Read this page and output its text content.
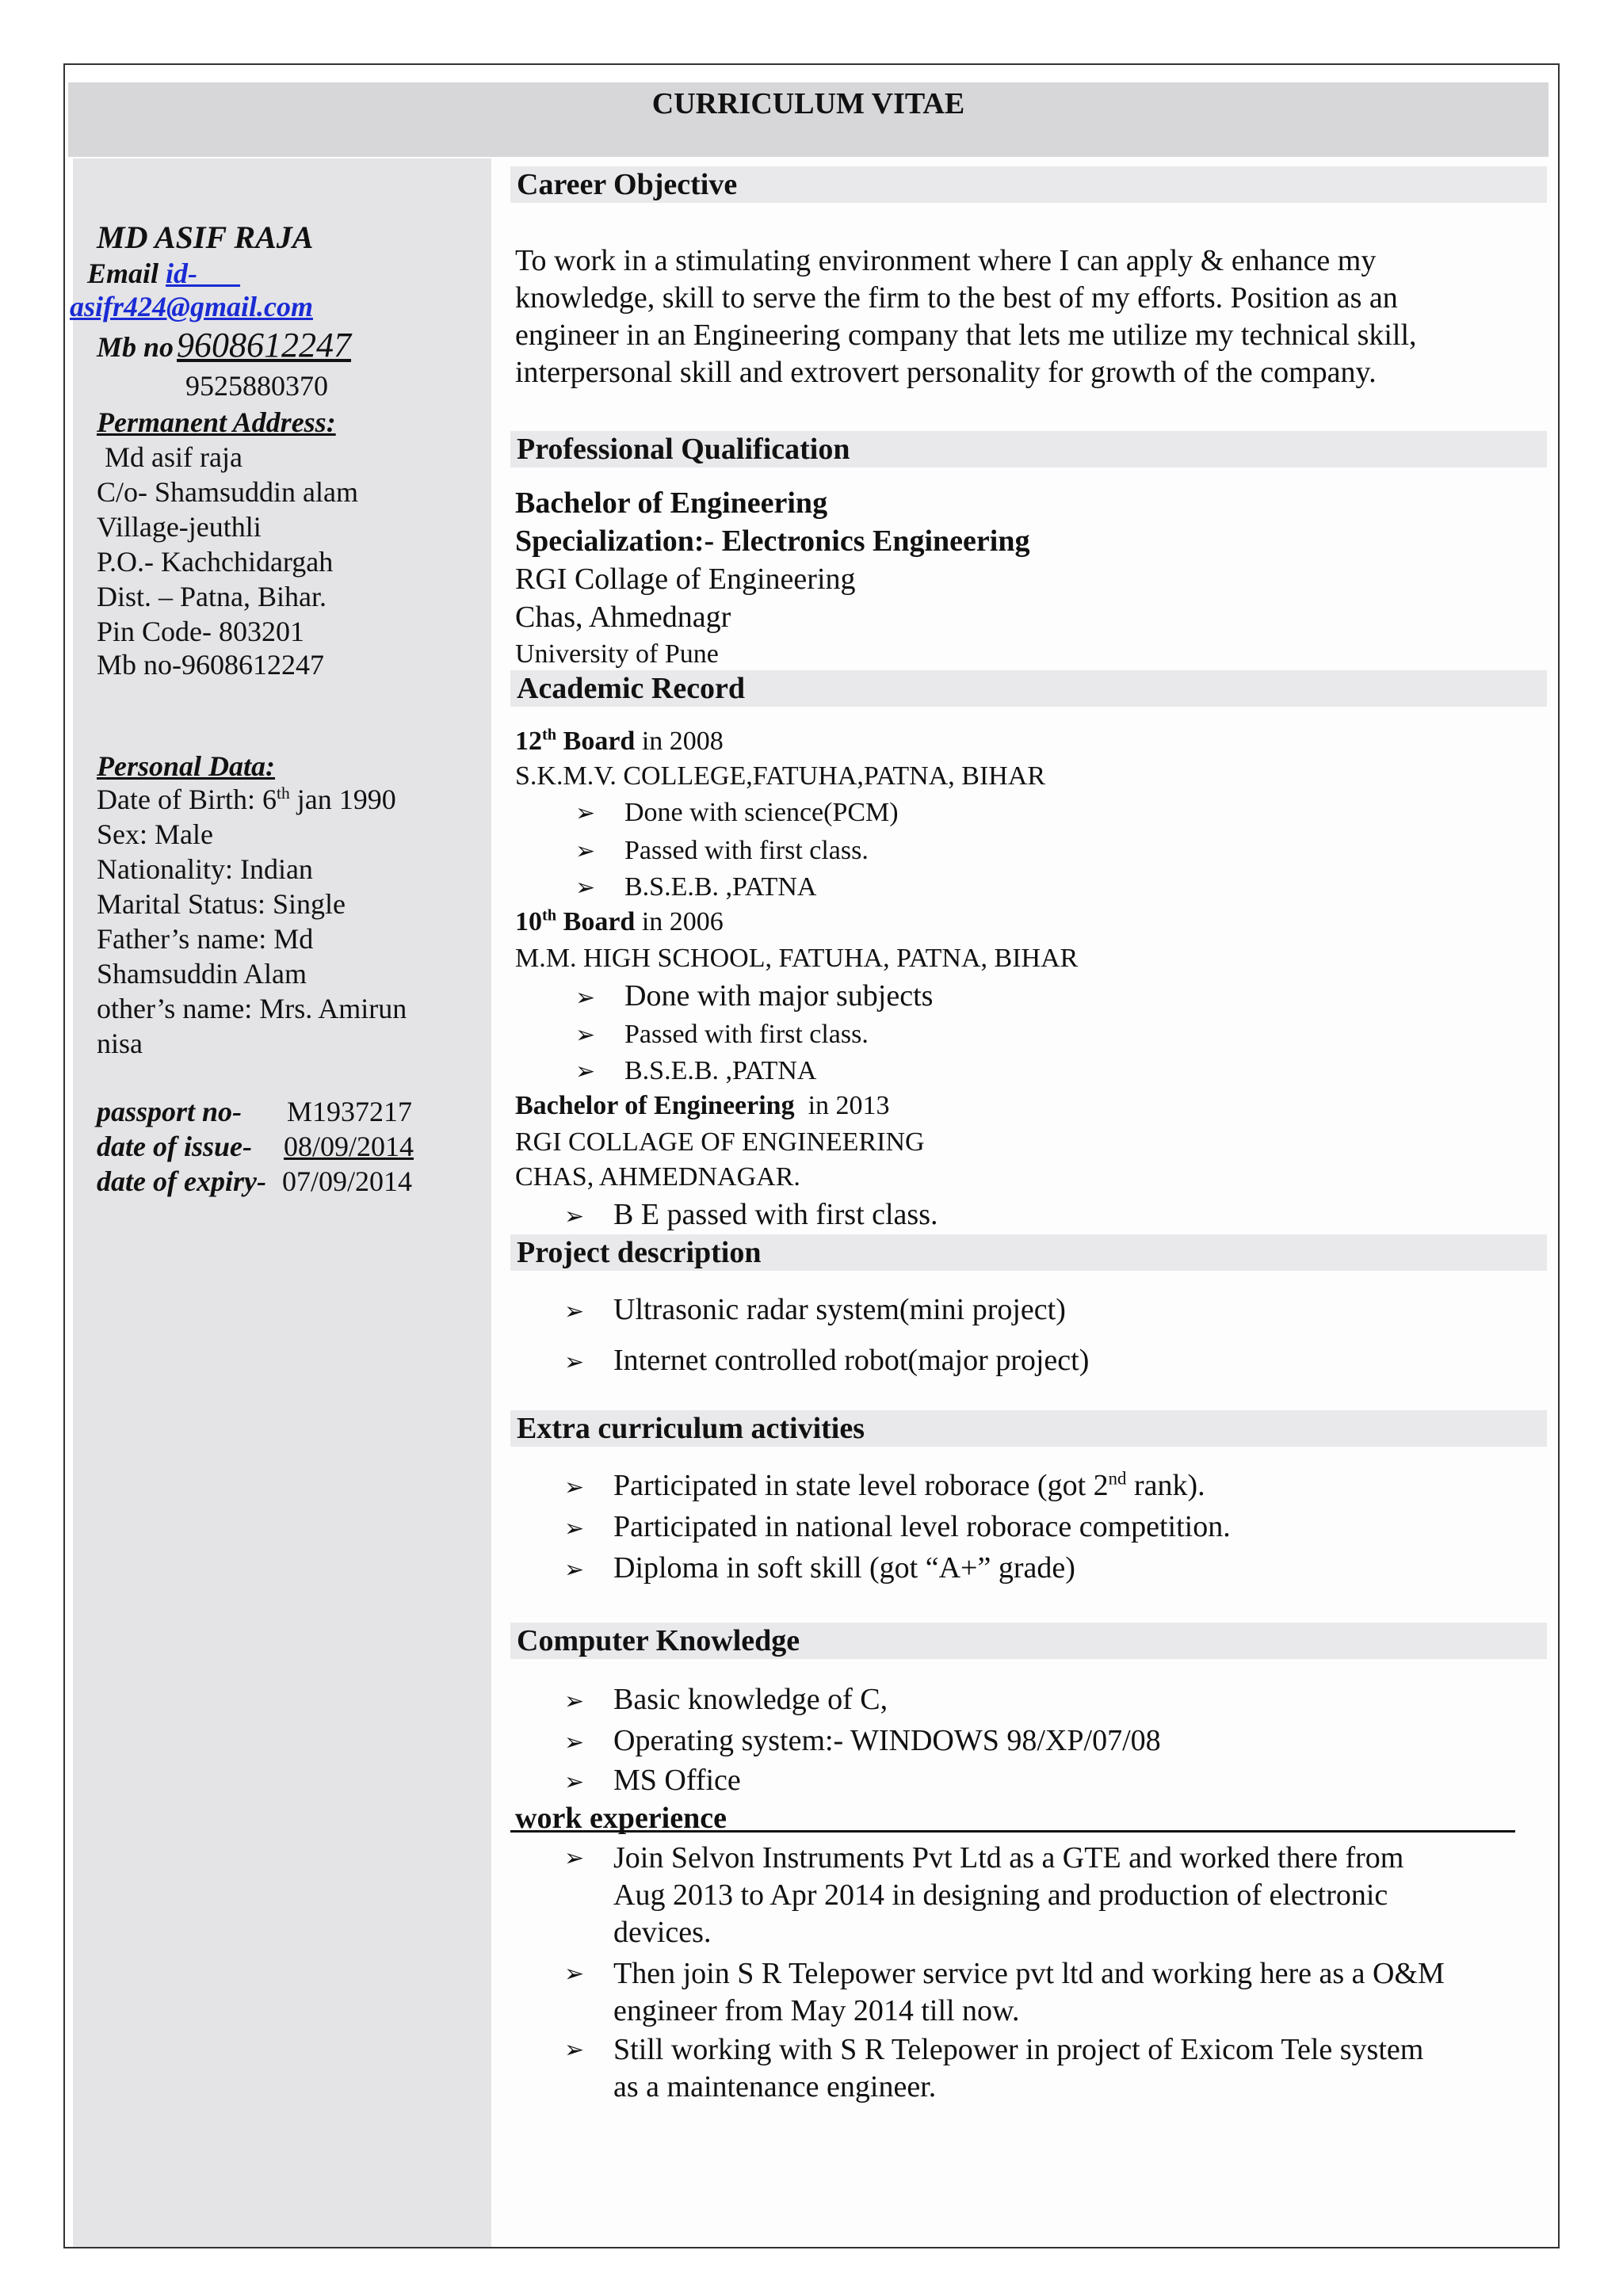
CURRICULUM VITAE
MD ASIF RAJA
Email id-
asifr424@gmail.com
Mb no 9608612247
9525880370
Permanent Address:
Md asif raja
C/o- Shamsuddin alam
Village-jeuthli
P.O.- Kachchidargah
Dist. – Patna, Bihar.
Pin Code- 803201
Mb no-9608612247
Personal Data:
Date of Birth: 6th jan 1990
Sex: Male
Nationality: Indian
Marital Status: Single
Father’s name: Md
Shamsuddin Alam
other’s name: Mrs. Amirun
nisa
passport no- M1937217
date of issue- 08/09/2014
date of expiry- 07/09/2014
Career Objective
To work in a stimulating environment where I can apply & enhance my
knowledge, skill to serve the firm to the best of my efforts. Position as an
engineer in an Engineering company that lets me utilize my technical skill,
interpersonal skill and extrovert personality for growth of the company.
Professional Qualification
Bachelor of Engineering
Specialization:- Electronics Engineering
RGI Collage of Engineering
Chas, Ahmednagr
University of Pune
Academic Record
12th Board in 2008
S.K.M.V. COLLEGE,FATUHA,PATNA, BIHAR
➢ Done with science(PCM)
➢ Passed with first class.
➢ B.S.E.B. ,PATNA
10th Board in 2006
M.M. HIGH SCHOOL, FATUHA, PATNA, BIHAR
➢ Done with major subjects
➢ Passed with first class.
➢ B.S.E.B. ,PATNA
Bachelor of Engineering  in 2013
RGI COLLAGE OF ENGINEERING
CHAS, AHMEDNAGAR.
➢ B E passed with first class.
Project description
➢ Ultrasonic radar system(mini project)
➢ Internet controlled robot(major project)
Extra curriculum activities
➢ Participated in state level roborace (got 2nd rank).
➢ Participated in national level roborace competition.
➢ Diploma in soft skill (got “A+” grade)
Computer Knowledge
➢ Basic knowledge of C,
➢ Operating system:- WINDOWS 98/XP/07/08
➢ MS Office
work experience
➢ Join Selvon Instruments Pvt Ltd as a GTE and worked there from
Aug 2013 to Apr 2014 in designing and production of electronic
devices.
➢ Then join S R Telepower service pvt ltd and working here as a O&M
engineer from May 2014 till now.
➢ Still working with S R Telepower in project of Exicom Tele system
as a maintenance engineer.
